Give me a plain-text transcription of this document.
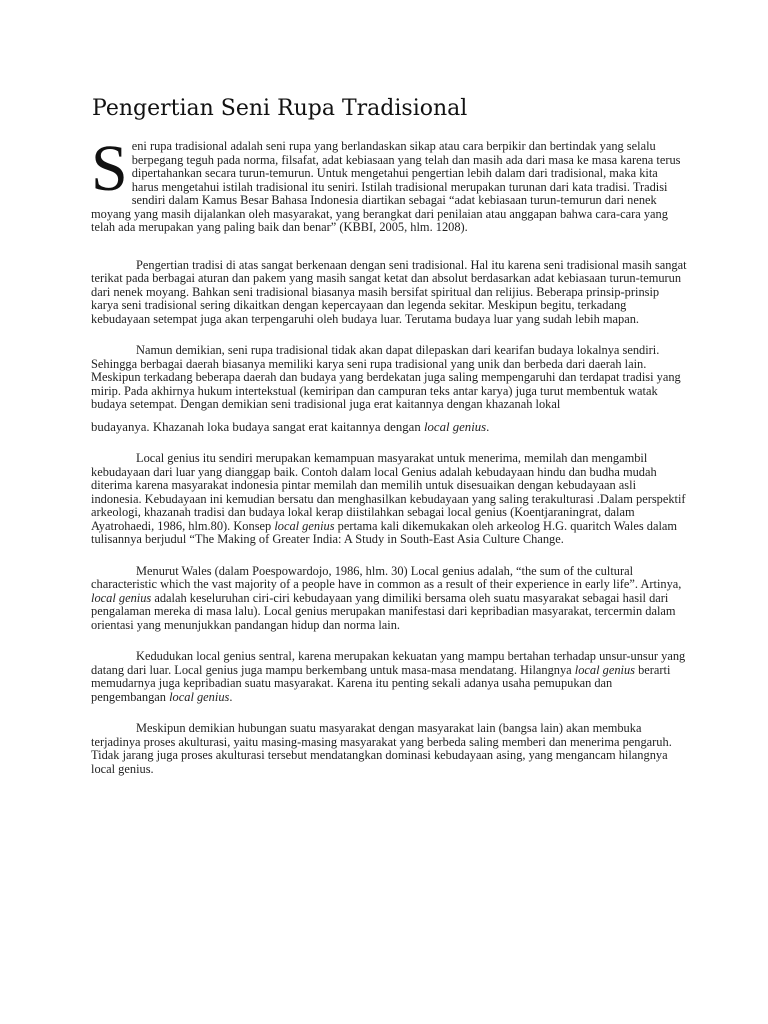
Pengertian Seni Rupa Tradisional

Seni rupa tradisional adalah seni rupa yang berlandaskan sikap atau cara berpikir dan bertindak yang selalu berpegang teguh pada norma, filsafat, adat kebiasaan yang telah dan masih ada dari masa ke masa karena terus dipertahankan secara turun-temurun. Untuk mengetahui pengertian lebih dalam dari tradisional, maka kita harus mengetahui istilah tradisional itu seniri. Istilah tradisional merupakan turunan dari kata tradisi. Tradisi sendiri dalam Kamus Besar Bahasa Indonesia diartikan sebagai “adat kebiasaan turun-temurun dari nenek moyang yang masih dijalankan oleh masyarakat, yang berangkat dari penilaian atau anggapan bahwa cara-cara yang telah ada merupakan yang paling baik dan benar” (KBBI, 2005, hlm. 1208).

Pengertian tradisi di atas sangat berkenaan dengan seni tradisional. Hal itu karena seni tradisional masih sangat terikat pada berbagai aturan dan pakem yang masih sangat ketat dan absolut berdasarkan adat kebiasaan turun-temurun dari nenek moyang. Bahkan seni tradisional biasanya masih bersifat spiritual dan relijius. Beberapa prinsip-prinsip karya seni tradisional sering dikaitkan dengan kepercayaan dan legenda sekitar. Meskipun begitu, terkadang kebudayaan setempat juga akan terpengaruhi oleh budaya luar. Terutama budaya luar yang sudah lebih mapan.

Namun demikian, seni rupa tradisional tidak akan dapat dilepaskan dari kearifan budaya lokalnya sendiri. Sehingga berbagai daerah biasanya memiliki karya seni rupa tradisional yang unik dan berbeda dari daerah lain. Meskipun terkadang beberapa daerah dan budaya yang berdekatan juga saling mempengaruhi dan terdapat tradisi yang mirip. Pada akhirnya hukum intertekstual (kemiripan dan campuran teks antar karya) juga turut membentuk watak budaya setempat. Dengan demikian seni tradisional juga erat kaitannya dengan khazanah lokal
budayanya. Khazanah loka budaya sangat erat kaitannya dengan local genius.

Local genius itu sendiri merupakan kemampuan masyarakat untuk menerima, memilah dan mengambil kebudayaan dari luar yang dianggap baik. Contoh dalam local Genius adalah kebudayaan hindu dan budha mudah diterima karena masyarakat indonesia pintar memilah dan memilih untuk disesuaikan dengan kebudayaan asli indonesia. Kebudayaan ini kemudian bersatu dan menghasilkan kebudayaan yang saling terakulturasi .Dalam perspektif arkeologi, khazanah tradisi dan budaya lokal kerap diistilahkan sebagai local genius (Koentjaraningrat, dalam Ayatrohaedi, 1986, hlm.80). Konsep local genius pertama kali dikemukakan oleh arkeolog H.G. quaritch Wales dalam tulisannya berjudul “The Making of Greater India: A Study in South-East Asia Culture Change.

Menurut Wales (dalam Poespowardojo, 1986, hlm. 30) Local genius adalah, “the sum of the cultural characteristic which the vast majority of a people have in common as a result of their experience in early life”. Artinya, local genius adalah keseluruhan ciri-ciri kebudayaan yang dimiliki bersama oleh suatu masyarakat sebagai hasil dari pengalaman mereka di masa lalu). Local genius merupakan manifestasi dari kepribadian masyarakat, tercermin dalam orientasi yang menunjukkan pandangan hidup dan norma lain.

Kedudukan local genius sentral, karena merupakan kekuatan yang mampu bertahan terhadap unsur-unsur yang datang dari luar. Local genius juga mampu berkembang untuk masa-masa mendatang. Hilangnya local genius berarti memudarnya juga kepribadian suatu masyarakat. Karena itu penting sekali adanya usaha pemupukan dan pengembangan local genius.

Meskipun demikian hubungan suatu masyarakat dengan masyarakat lain (bangsa lain) akan membuka terjadinya proses akulturasi, yaitu masing-masing masyarakat yang berbeda saling memberi dan menerima pengaruh. Tidak jarang juga proses akulturasi tersebut mendatangkan dominasi kebudayaan asing, yang mengancam hilangnya local genius.
